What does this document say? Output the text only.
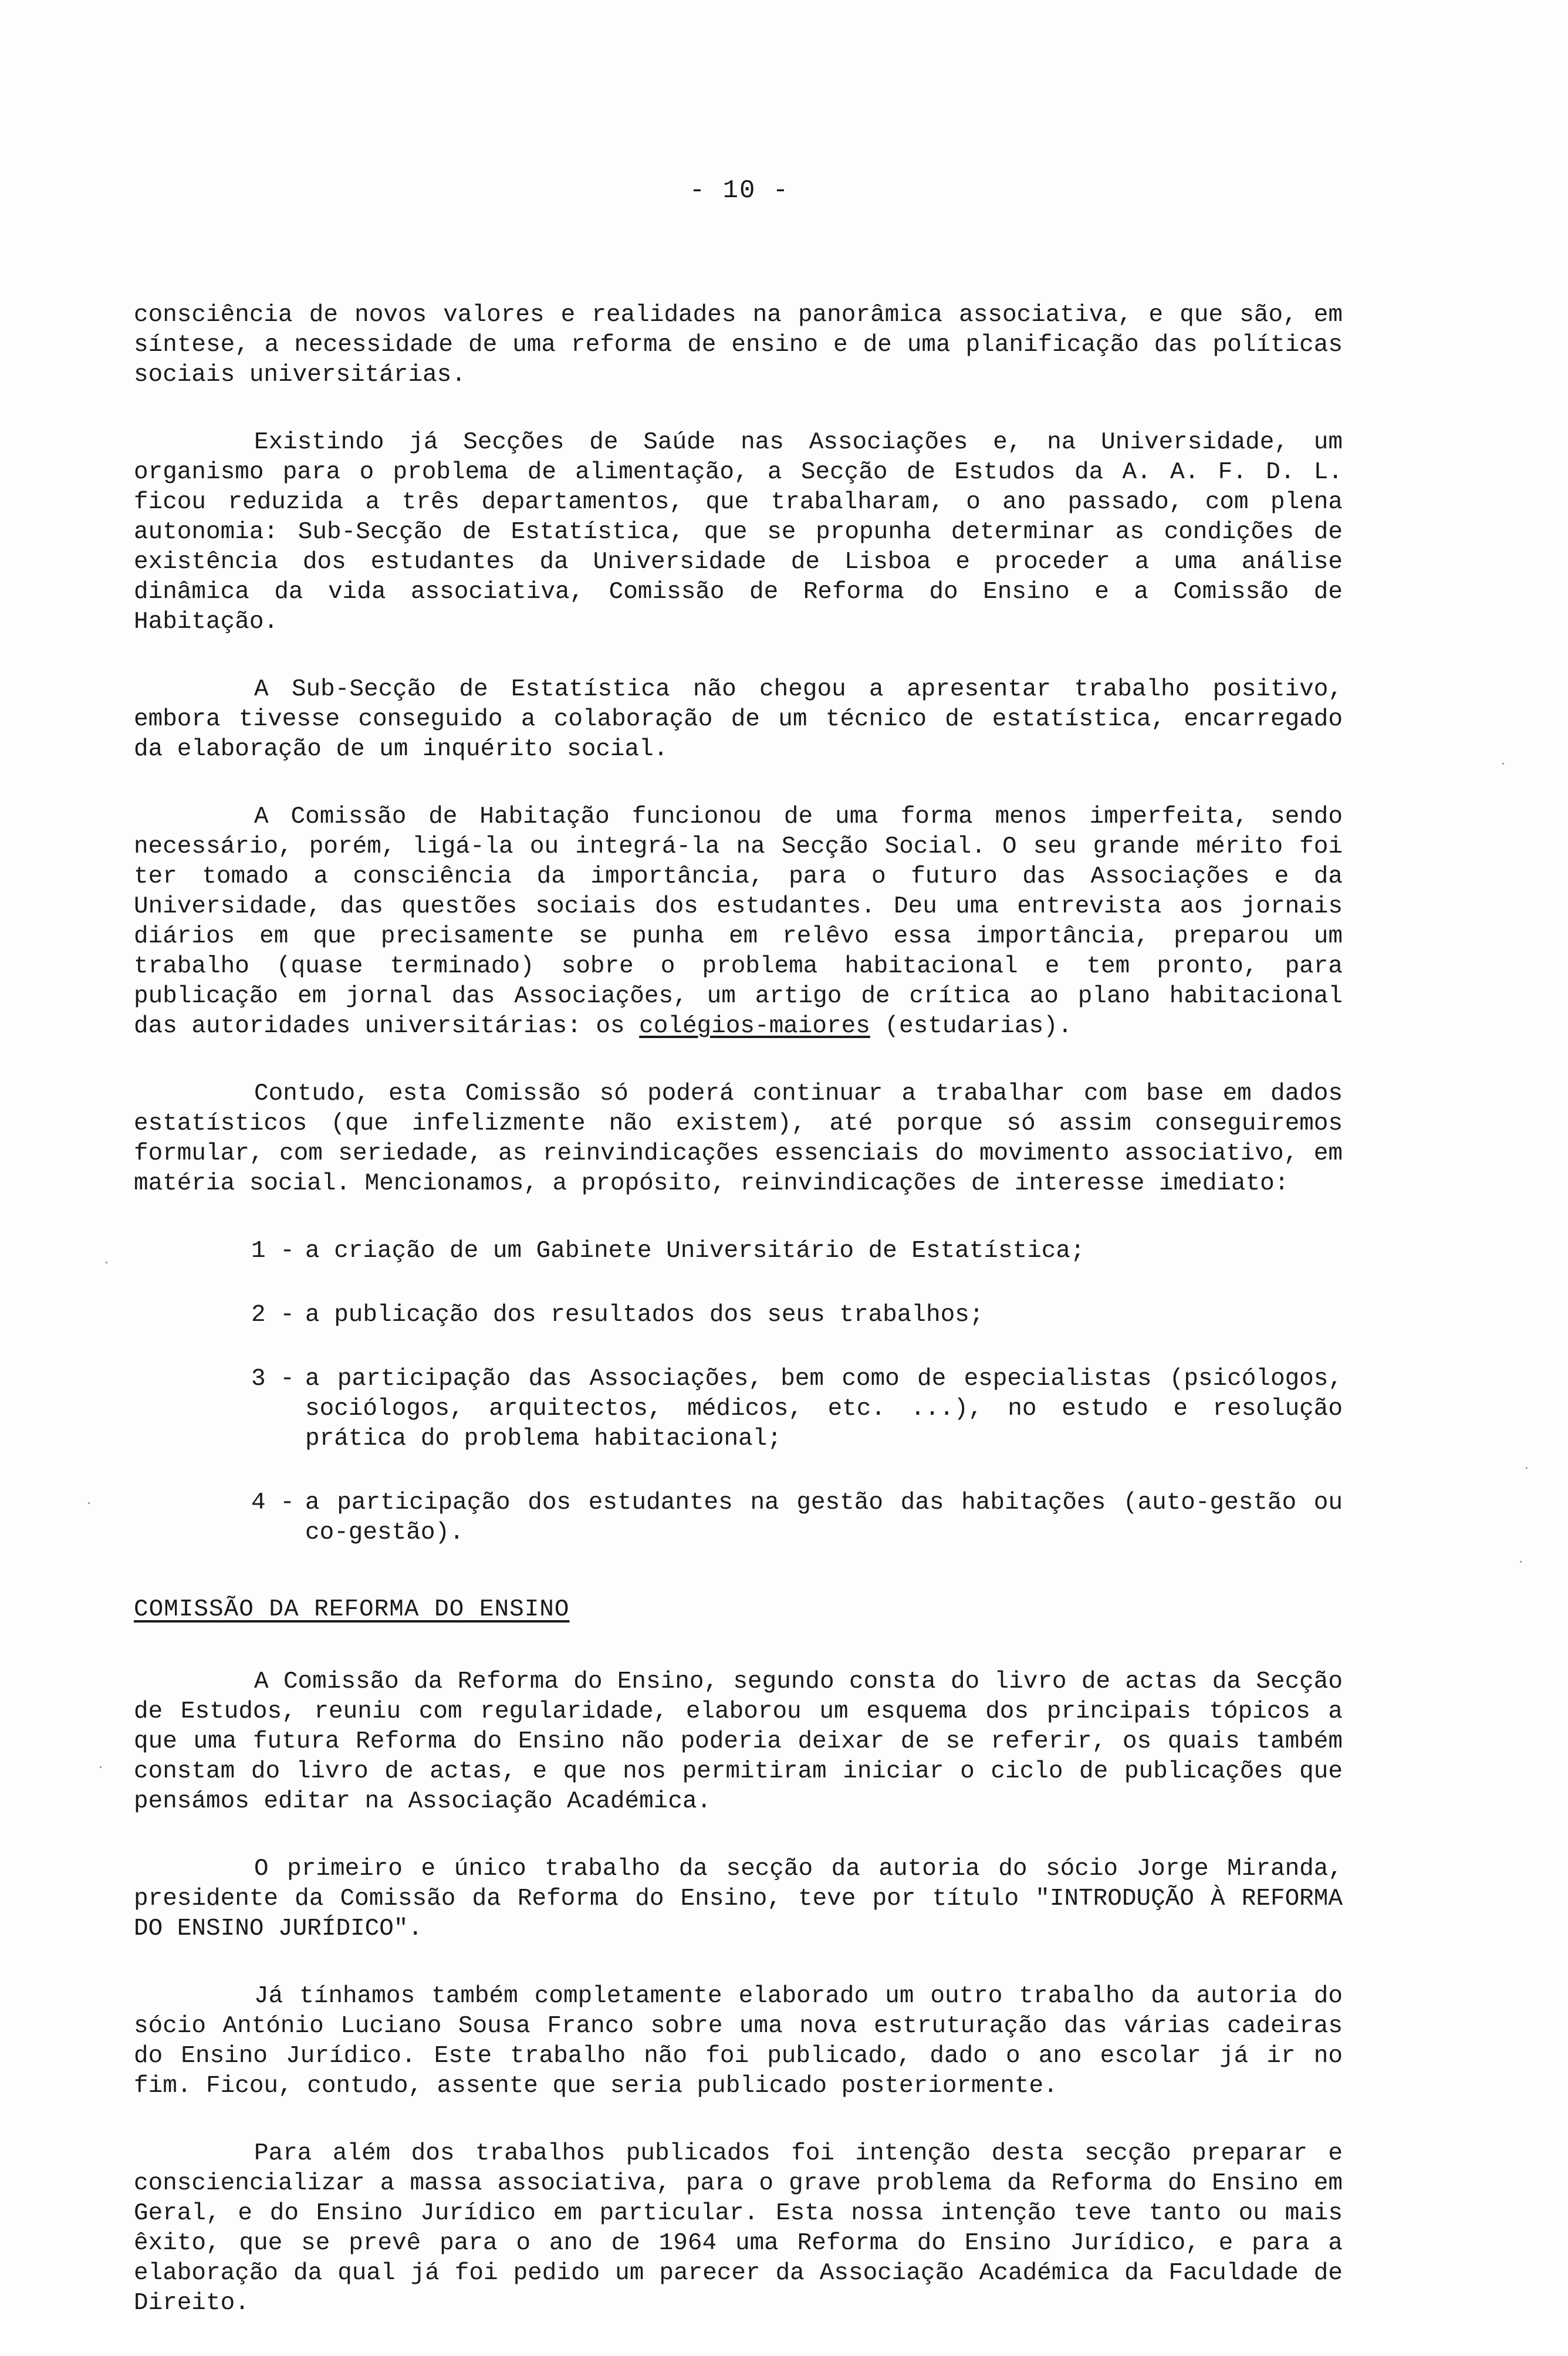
- 10 -

consciência de novos valores e realidades na panorâmica associativa, e que são, em síntese, a necessidade de uma reforma de ensino e de uma planificação das políticas sociais universitárias.

Existindo já Secções de Saúde nas Associações e, na Universidade, um organismo para o problema de alimentação, a Secção de Estudos da A. A. F. D. L. ficou reduzida a três departamentos, que trabalharam, o ano passado, com plena autonomia: Sub-Secção de Estatística, que se propunha determinar as condições de existência dos estudantes da Universidade de Lisboa e proceder a uma análise dinâmica da vida associativa, Comissão de Reforma do Ensino e a Comissão de Habitação.

A Sub-Secção de Estatística não chegou a apresentar trabalho positivo, embora tivesse conseguido a colaboração de um técnico de estatística, encarregado da elaboração de um inquérito social.

A Comissão de Habitação funcionou de uma forma menos imperfeita, sendo necessário, porém, ligá-la ou integrá-la na Secção Social. O seu grande mérito foi ter tomado a consciência da importância, para o futuro das Associações e da Universidade, das questões sociais dos estudantes. Deu uma entrevista aos jornais diários em que precisamente se punha em relêvo essa importância, preparou um trabalho (quase terminado) sobre o problema habitacional e tem pronto, para publicação em jornal das Associações, um artigo de crítica ao plano habitacional das autoridades universitárias: os colégios-maiores (estudarias).

Contudo, esta Comissão só poderá continuar a trabalhar com base em dados estatísticos (que infelizmente não existem), até porque só assim conseguiremos formular, com seriedade, as reinvindicações essenciais do movimento associativo, em matéria social. Mencionamos, a propósito, reinvindicações de interesse imediato:

1 - a criação de um Gabinete Universitário de Estatística;
2 - a publicação dos resultados dos seus trabalhos;
3 - a participação das Associações, bem como de especialistas (psicólogos, sociólogos, arquitectos, médicos, etc. ...), no estudo e resolução prática do problema habitacional;
4 - a participação dos estudantes na gestão das habitações (auto-gestão ou co-gestão).
COMISSÃO DA REFORMA DO ENSINO

A Comissão da Reforma do Ensino, segundo consta do livro de actas da Secção de Estudos, reuniu com regularidade, elaborou um esquema dos principais tópicos a que uma futura Reforma do Ensino não poderia deixar de se referir, os quais também constam do livro de actas, e que nos permitiram iniciar o ciclo de publicações que pensámos editar na Associação Académica.

O primeiro e único trabalho da secção da autoria do sócio Jorge Miranda, presidente da Comissão da Reforma do Ensino, teve por título "INTRODUÇÃO À REFORMA DO ENSINO JURÍDICO".

Já tínhamos também completamente elaborado um outro trabalho da autoria do sócio António Luciano Sousa Franco sobre uma nova estruturação das várias cadeiras do Ensino Jurídico. Este trabalho não foi publicado, dado o ano escolar já ir no fim. Ficou, contudo, assente que seria publicado posteriormente.

Para além dos trabalhos publicados foi intenção desta secção preparar e consciencializar a massa associativa, para o grave problema da Reforma do Ensino em Geral, e do Ensino Jurídico em particular. Esta nossa intenção teve tanto ou mais êxito, que se prevê para o ano de 1964 uma Reforma do Ensino Jurídico, e para a elaboração da qual já foi pedido um parecer da Associação Académica da Faculdade de Direito.
